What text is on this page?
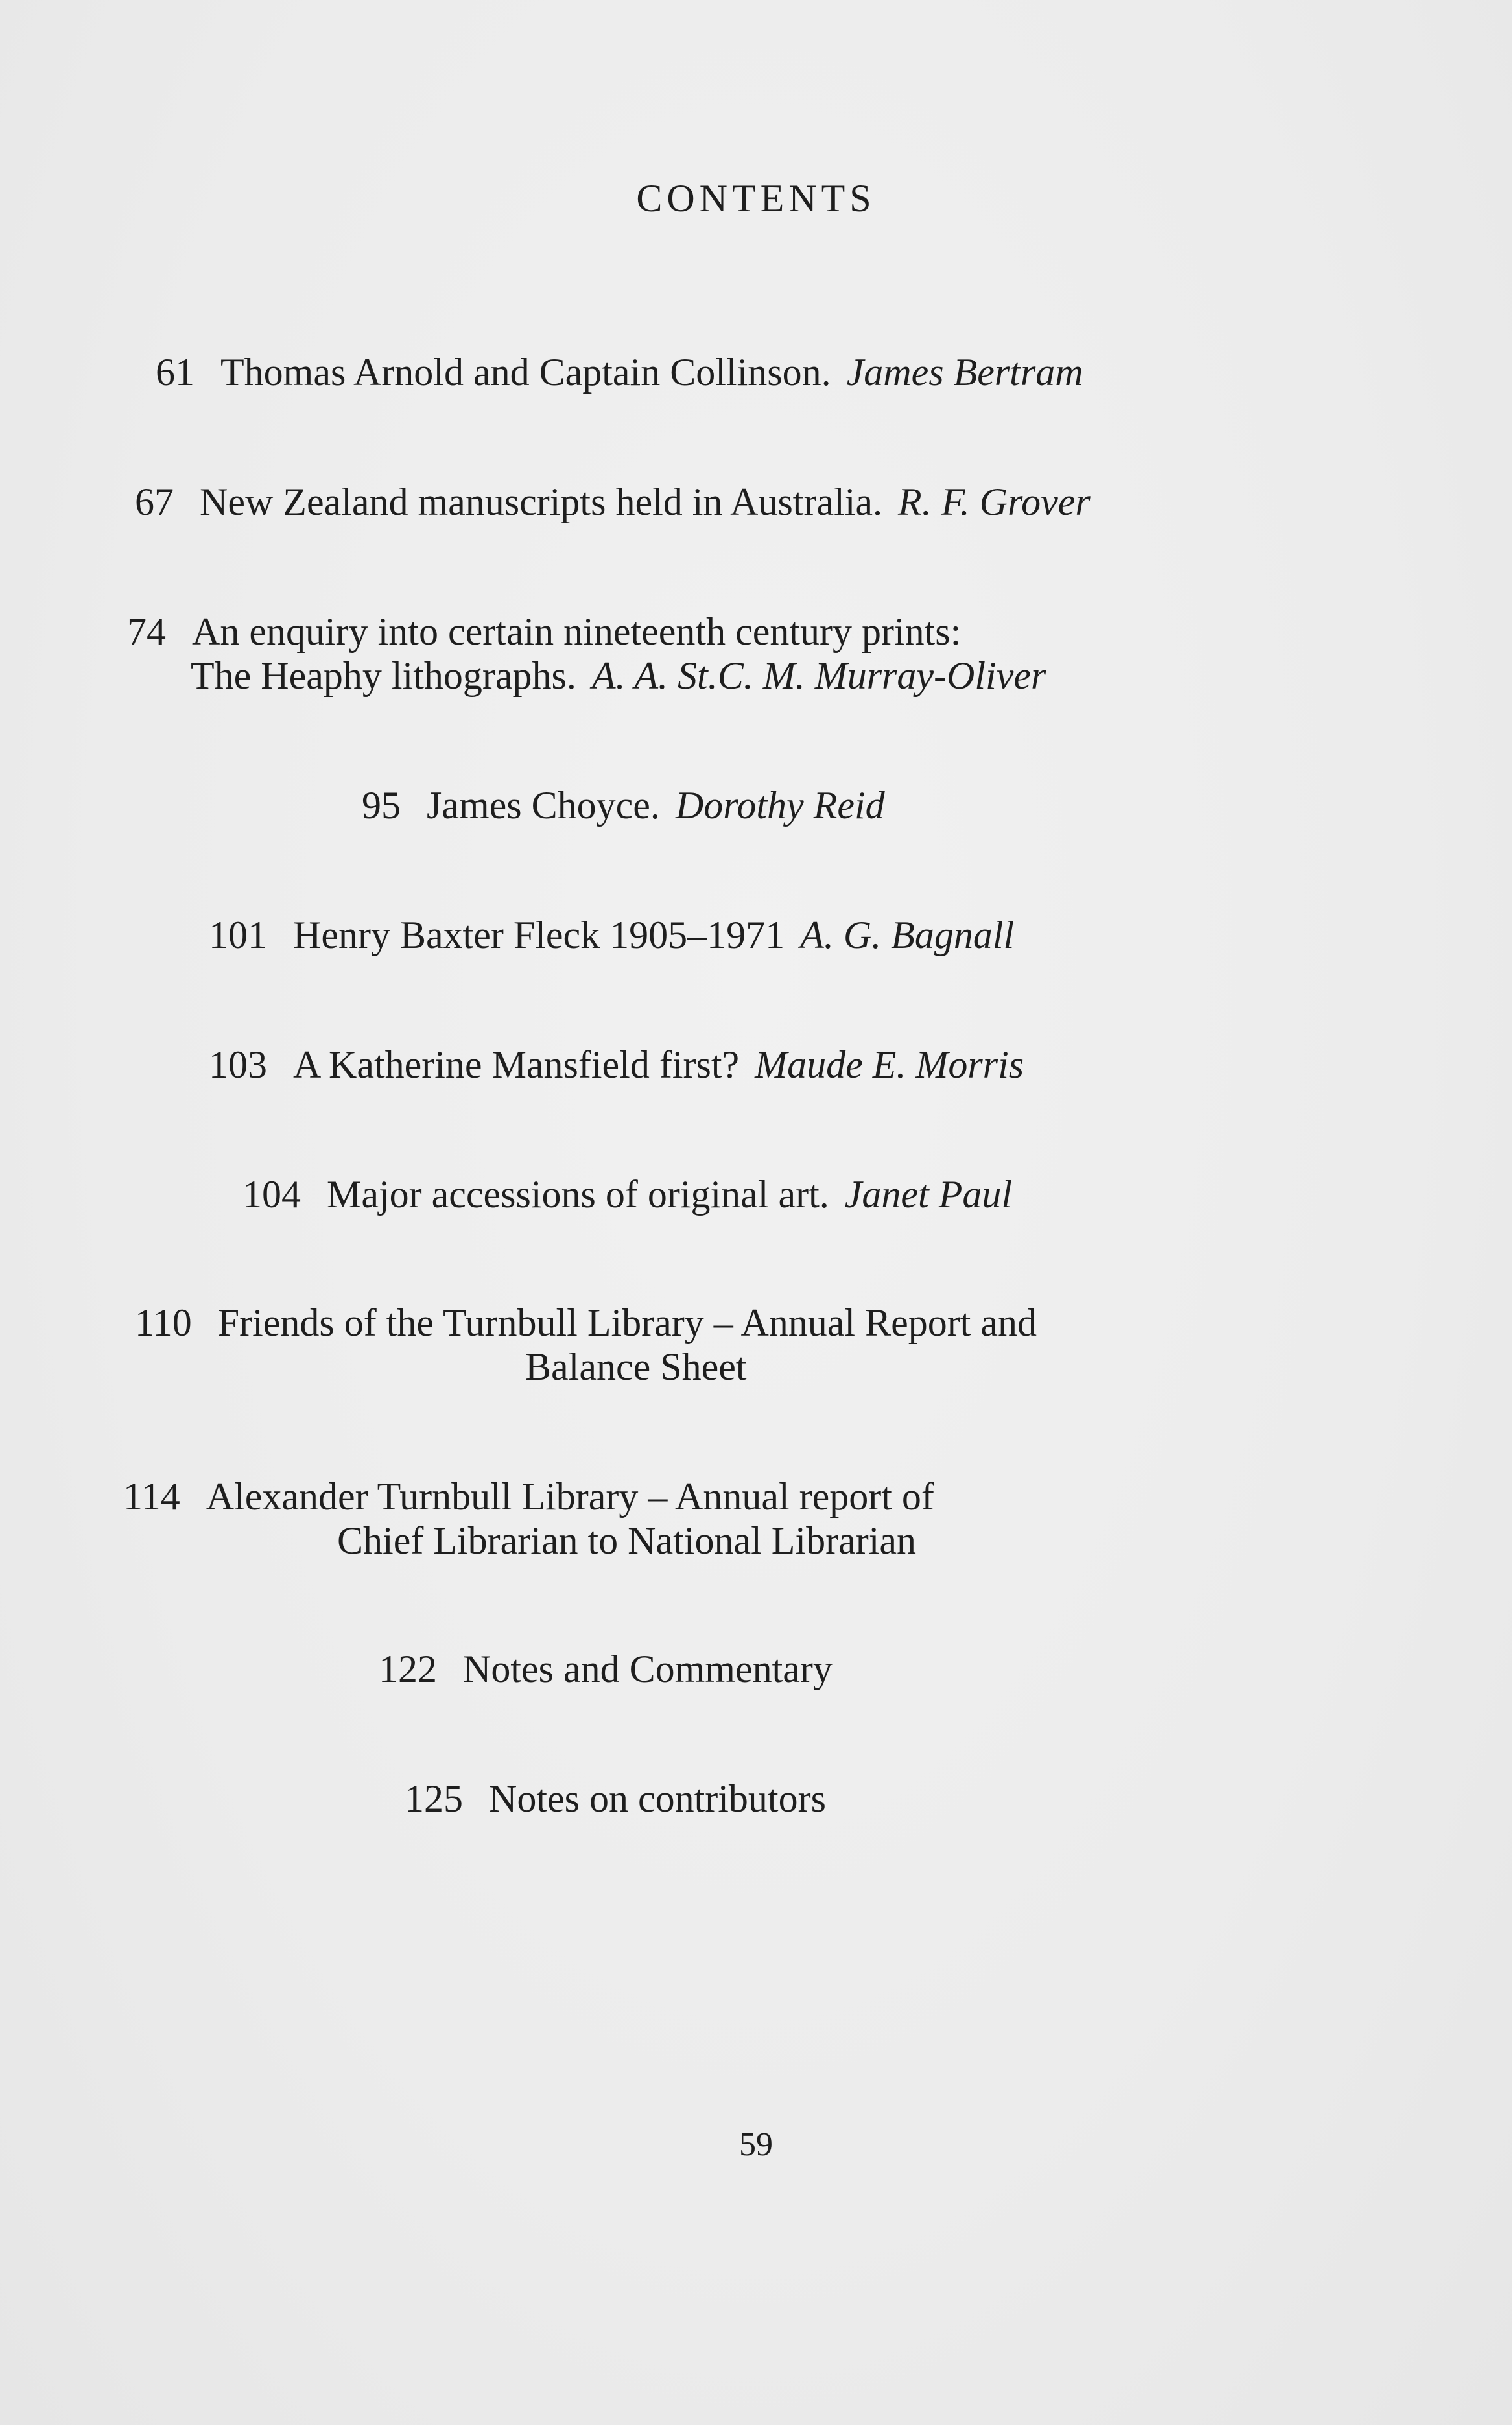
CONTENTS
61 Thomas Arnold and Captain Collinson. James Bertram
67 New Zealand manuscripts held in Australia. R. F. Grover
74 An enquiry into certain nineteenth century prints:
The Heaphy lithographs. A. A. St.C. M. Murray-Oliver
95 James Choyce. Dorothy Reid
101 Henry Baxter Fleck 1905–1971 A. G. Bagnall
103 A Katherine Mansfield first? Maude E. Morris
104 Major accessions of original art. Janet Paul
110 Friends of the Turnbull Library – Annual Report and
Balance Sheet
114 Alexander Turnbull Library – Annual report of
Chief Librarian to National Librarian
122 Notes and Commentary
125 Notes on contributors
59
